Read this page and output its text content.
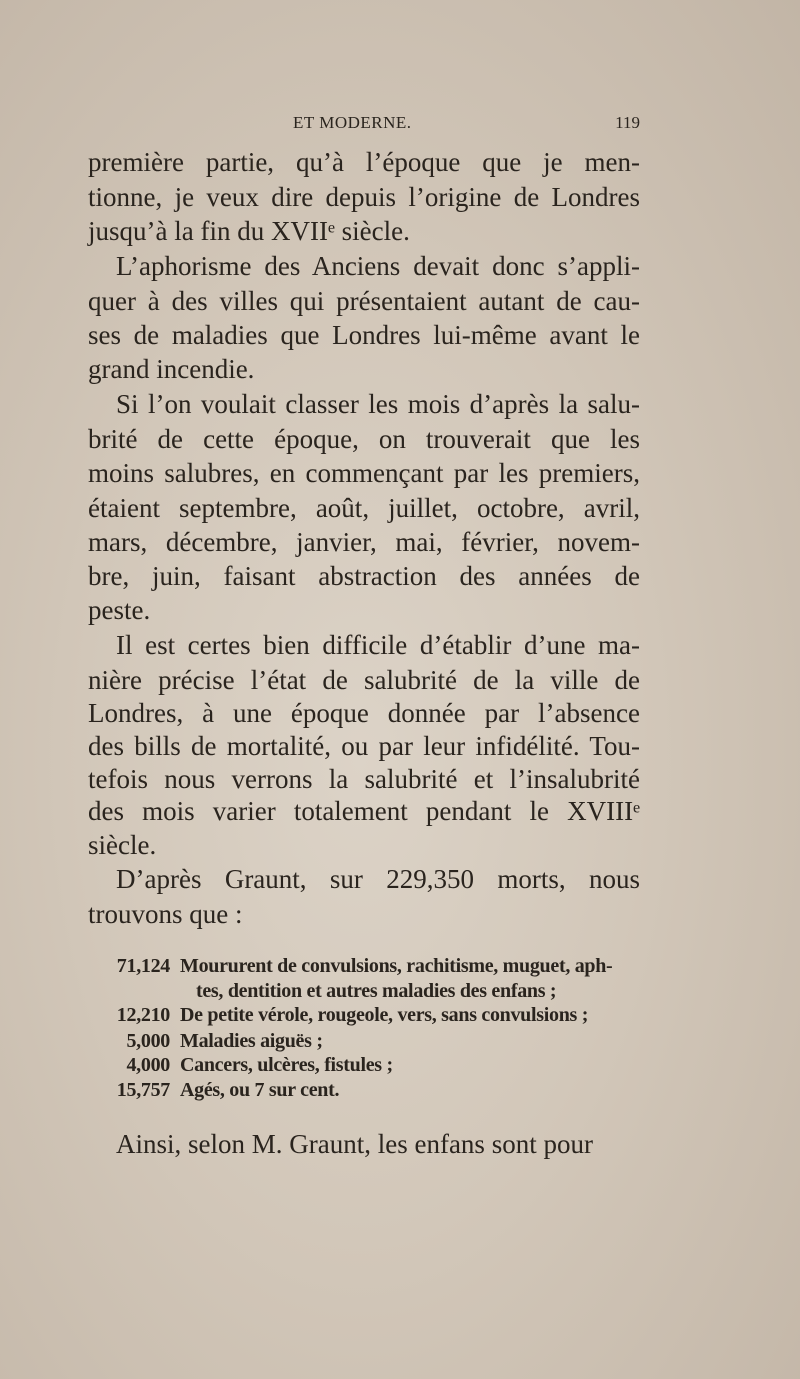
ET MODERNE.	119
première partie, qu’à l’époque que je men-
tionne, je veux dire depuis l’origine de Londres
jusqu’à la fin du XVIIᵉ siècle.
L’aphorisme des Anciens devait donc s’appli-
quer à des villes qui présentaient autant de cau-
ses de maladies que Londres lui-même avant le
grand incendie.
Si l’on voulait classer les mois d’après la salu-
brité de cette époque, on trouverait que les
moins salubres, en commençant par les premiers,
étaient septembre, août, juillet, octobre, avril,
mars, décembre, janvier, mai, février, novem-
bre, juin, faisant abstraction des années de
peste.
Il est certes bien difficile d’établir d’une ma-
nière précise l’état de salubrité de la ville de
Londres, à une époque donnée par l’absence
des bills de mortalité, ou par leur infidélité. Tou-
tefois nous verrons la salubrité et l’insalubrité
des mois varier totalement pendant le XVIIIᵉ
siècle.
D’après Graunt, sur 229,350 morts, nous
trouvons que :
71,124 Moururent de convulsions, rachitisme, muguet, aph-
tes, dentition et autres maladies des enfans ;
12,210 De petite vérole, rougeole, vers, sans convulsions ;
5,000 Maladies aiguës ;
4,000 Cancers, ulcères, fistules ;
15,757 Agés, ou 7 sur cent.
Ainsi, selon M. Graunt, les enfans sont pour
